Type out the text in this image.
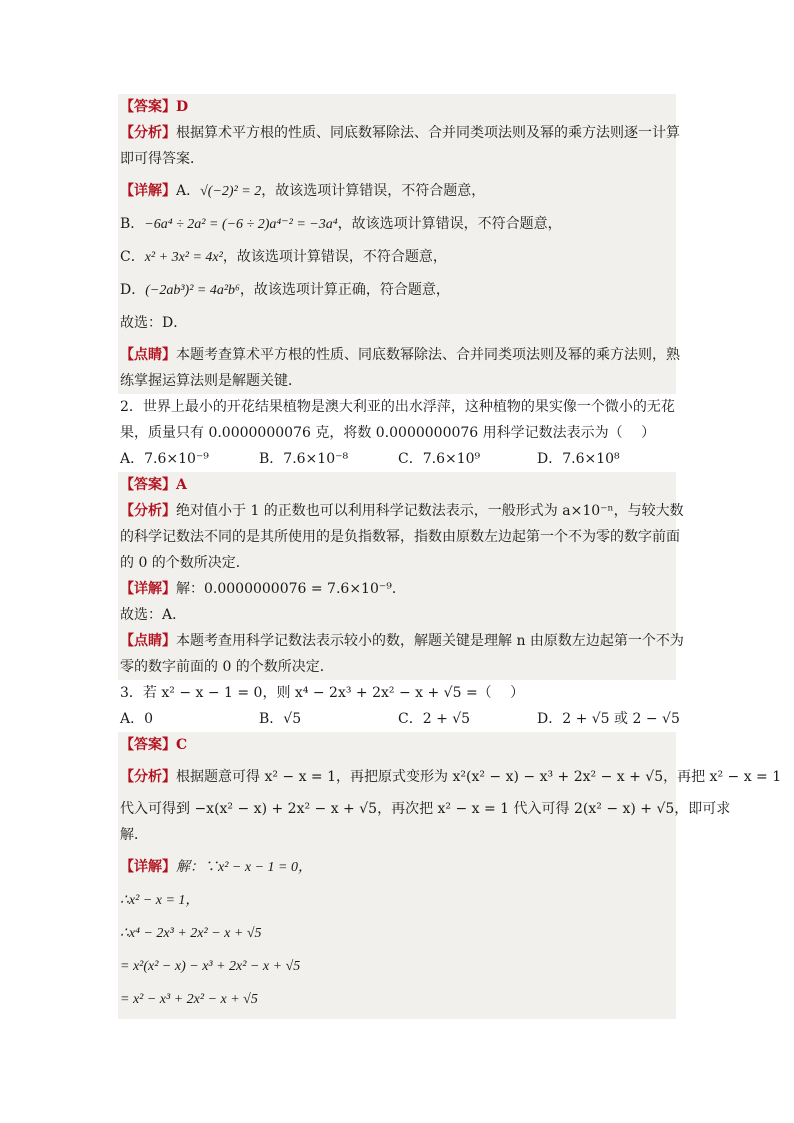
【答案】D
【分析】根据算术平方根的性质、同底数幂除法、合并同类项法则及幂的乘方法则逐一计算
即可得答案．
【详解】A．√(−2)² = 2，故该选项计算错误，不符合题意，
B．−6a⁴ ÷ 2a² = (−6 ÷ 2)a⁴⁻² = −3a⁴，故该选项计算错误，不符合题意，
C．x² + 3x² = 4x²，故该选项计算错误，不符合题意，
D．(−2ab³)² = 4a²b⁶，故该选项计算正确，符合题意，
故选：D．
【点睛】本题考查算术平方根的性质、同底数幂除法、合并同类项法则及幂的乘方法则，熟
练掌握运算法则是解题关键．
2．世界上最小的开花结果植物是澳大利亚的出水浮萍，这种植物的果实像一个微小的无花
果，质量只有 0.0000000076 克，将数 0.0000000076 用科学记数法表示为（　 ）
A．7.6×10⁻⁹	B．7.6×10⁻⁸	C．7.6×10⁹	D．7.6×10⁸
【答案】A
【分析】绝对值小于 1 的正数也可以利用科学记数法表示，一般形式为 a×10⁻ⁿ，与较大数
的科学记数法不同的是其所使用的是负指数幂，指数由原数左边起第一个不为零的数字前面
的 0 的个数所决定．
【详解】解：0.0000000076 = 7.6×10⁻⁹．
故选：A．
【点睛】本题考查用科学记数法表示较小的数，解题关键是理解 n 由原数左边起第一个不为
零的数字前面的 0 的个数所决定．
3．若 x² − x − 1 = 0，则 x⁴ − 2x³ + 2x² − x + √5 =（　 ）
A．0	B．√5	C．2 + √5	D．2 + √5 或 2 − √5
【答案】C
【分析】根据题意可得 x² − x = 1，再把原式变形为 x²(x² − x) − x³ + 2x² − x + √5，再把 x² − x = 1
代入可得到 −x(x² − x) + 2x² − x + √5，再次把 x² − x = 1 代入可得 2(x² − x) + √5，即可求
解．
【详解】解：∵x² − x − 1 = 0，
∴x² − x = 1，
∴x⁴ − 2x³ + 2x² − x + √5
= x²(x² − x) − x³ + 2x² − x + √5
= x² − x³ + 2x² − x + √5
